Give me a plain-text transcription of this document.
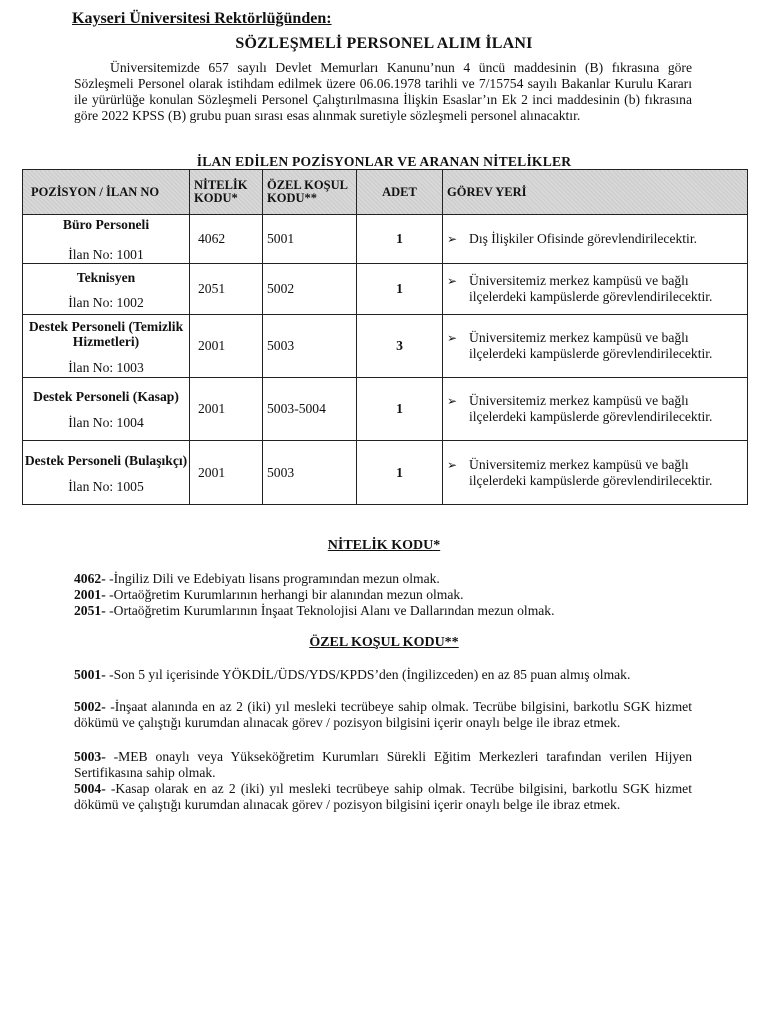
Kayseri Üniversitesi Rektörlüğünden:
SÖZLEŞMELİ PERSONEL ALIM İLANI
Üniversitemizde 657 sayılı Devlet Memurları Kanunu’nun 4 üncü maddesinin (B) fıkrasına göre Sözleşmeli Personel olarak istihdam edilmek üzere 06.06.1978 tarihli ve 7/15754 sayılı Bakanlar Kurulu Kararı ile yürürlüğe konulan Sözleşmeli Personel Çalıştırılmasına İlişkin Esaslar’ın Ek 2 inci maddesinin (b) fıkrasına göre 2022 KPSS (B) grubu puan sırası esas alınmak suretiyle sözleşmeli personel alınacaktır.
İLAN EDİLEN POZİSYONLAR VE ARANAN NİTELİKLER
POZİSYON / İLAN NO	NİTELİK KODU*	ÖZEL KOŞUL KODU**	ADET	GÖREV YERİ

Büro Personeli
İlan No: 1001	4062	5001	1	➢ Dış İlişkiler Ofisinde görevlendirilecektir.

Teknisyen
İlan No: 1002	2051	5002	1	➢ Üniversitemiz merkez kampüsü ve bağlı ilçelerdeki kampüslerde görevlendirilecektir.

Destek Personeli (Temizlik Hizmetleri)
İlan No: 1003	2001	5003	3	➢ Üniversitemiz merkez kampüsü ve bağlı ilçelerdeki kampüslerde görevlendirilecektir.

Destek Personeli (Kasap)
İlan No: 1004	2001	5003-5004	1	➢ Üniversitemiz merkez kampüsü ve bağlı ilçelerdeki kampüslerde görevlendirilecektir.

Destek Personeli (Bulaşıkçı)
İlan No: 1005	2001	5003	1	➢ Üniversitemiz merkez kampüsü ve bağlı ilçelerdeki kampüslerde görevlendirilecektir.
NİTELİK KODU*
4062- -İngiliz Dili ve Edebiyatı lisans programından mezun olmak.
2001- -Ortaöğretim Kurumlarının herhangi bir alanından mezun olmak.
2051- -Ortaöğretim Kurumlarının İnşaat Teknolojisi Alanı ve Dallarından mezun olmak.
ÖZEL KOŞUL KODU**
5001- -Son 5 yıl içerisinde YÖKDİL/ÜDS/YDS/KPDS’den (İngilizceden) en az 85 puan almış olmak.
5002- -İnşaat alanında en az 2 (iki) yıl mesleki tecrübeye sahip olmak. Tecrübe bilgisini, barkotlu SGK hizmet dökümü ve çalıştığı kurumdan alınacak görev / pozisyon bilgisini içerir onaylı belge ile ibraz etmek.
5003- -MEB onaylı veya Yükseköğretim Kurumları Sürekli Eğitim Merkezleri tarafından verilen Hijyen Sertifikasına sahip olmak.
5004- -Kasap olarak en az 2 (iki) yıl mesleki tecrübeye sahip olmak. Tecrübe bilgisini, barkotlu SGK hizmet dökümü ve çalıştığı kurumdan alınacak görev / pozisyon bilgisini içerir onaylı belge ile ibraz etmek.
